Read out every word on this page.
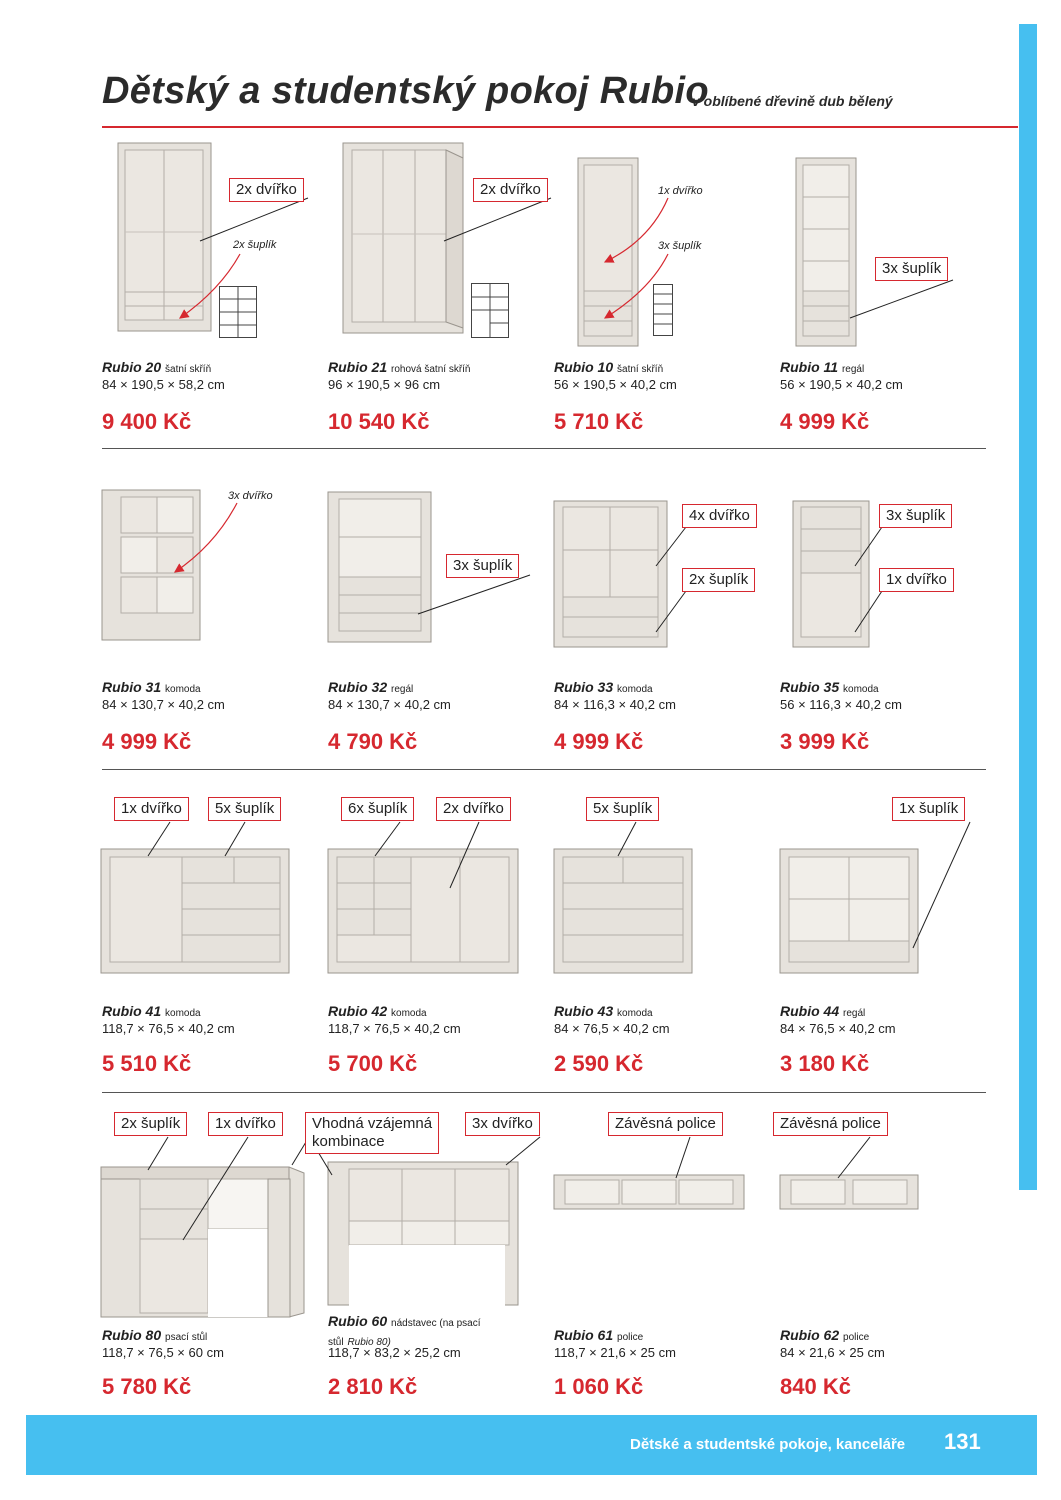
Dětský a studentský pokoj Rubio
v oblíbené dřevině dub bělený
2x dvířko
2x šuplík
2x dvířko	1x dvířko
3x šuplík
3x šuplík
3x dvířko
3x šuplík
4x dvířko
2x šuplík
3x šuplík
1x dvířko
1x dvířko	5x šuplík	6x šuplík	2x dvířko	5x šuplík	1x šuplík
2x šuplík	1x dvířko	Vhodná vzájemná
kombinace
3x dvířko	Závěsná police	Závěsná police
Rubio 20 šatní skříň
84 × 190,5 × 58,2 cm
9 400 Kč
Rubio 21 rohová šatní skříň
96 × 190,5 × 96 cm
10 540 Kč
Rubio 10 šatní skříň
56 × 190,5 × 40,2 cm
5 710 Kč
Rubio 11 regál
56 × 190,5 × 40,2 cm
4 999 Kč
Rubio 31 komoda
84 × 130,7 × 40,2 cm
4 999 Kč
Rubio 32 regál
84 × 130,7 × 40,2 cm
4 790 Kč
Rubio 33 komoda
84 × 116,3 × 40,2 cm
4 999 Kč
Rubio 35 komoda
56 × 116,3 × 40,2 cm
3 999 Kč
Rubio 41 komoda
118,7 × 76,5 × 40,2 cm
5 510 Kč
Rubio 42 komoda
118,7 × 76,5 × 40,2 cm
5 700 Kč
Rubio 43 komoda
84 × 76,5 × 40,2 cm
2 590 Kč
Rubio 44 regál
84 × 76,5 × 40,2 cm
3 180 Kč
Rubio 80 psací stůl
118,7 × 76,5 × 60 cm
5 780 Kč
Rubio 60 nádstavec (na psací
stůl Rubio 80)
118,7 × 83,2 × 25,2 cm
2 810 Kč
Rubio 61 police
118,7 × 21,6 × 25 cm
1 060 Kč
Rubio 62 police
84 × 21,6 × 25 cm
840 Kč
Dětské a studentské pokoje, kanceláře 131
